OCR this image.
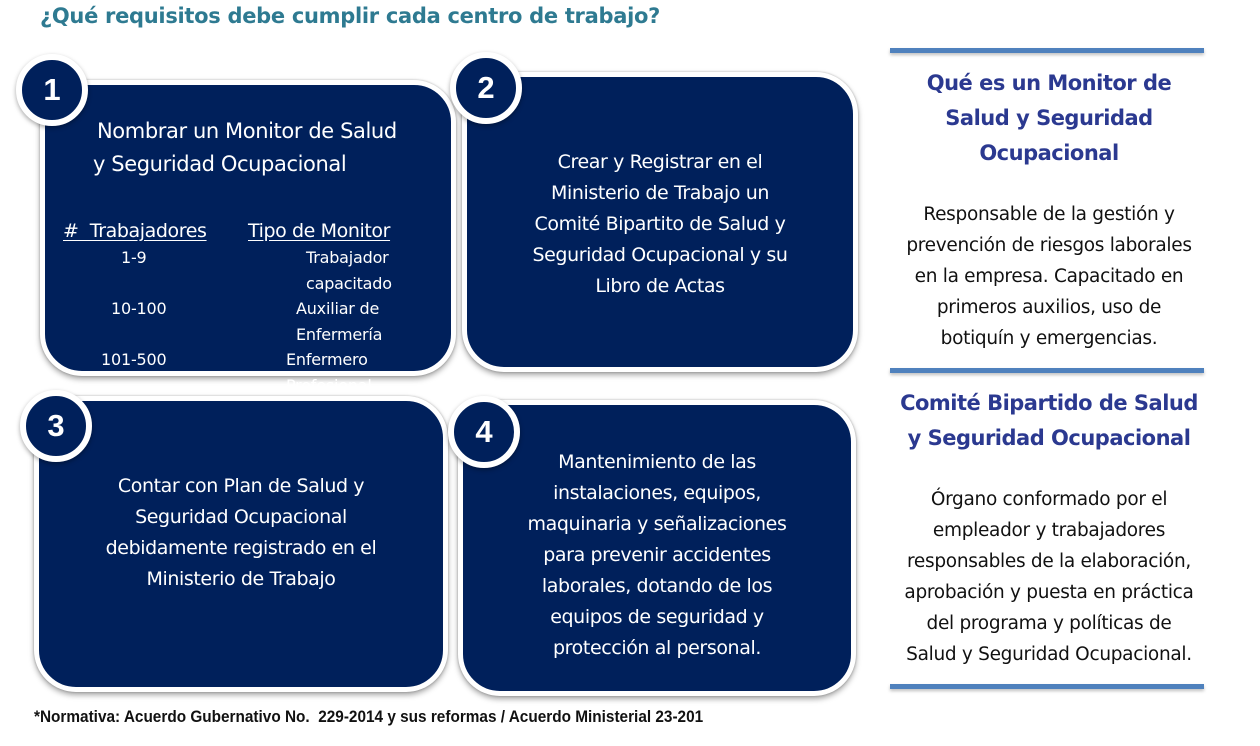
¿Qué requisitos debe cumplir cada centro de trabajo?
Nombrar un Monitor de Salud
y Seguridad Ocupacional
#  Trabajadores	Tipo de Monitor
1-9	Trabajador capacitado
10-100	Auxiliar de Enfermería
101-500	Enfermero Profesional
1
Crear y Registrar en el
Ministerio de Trabajo un
Comité Bipartito de Salud y
Seguridad Ocupacional y su
Libro de Actas
2
Contar con Plan de Salud y
Seguridad Ocupacional
debidamente registrado en el
Ministerio de Trabajo
3
Mantenimiento de las
instalaciones, equipos,
maquinaria y señalizaciones
para prevenir accidentes
laborales, dotando de los
equipos de seguridad y
protección al personal.
4
Qué es un Monitor de
Salud y Seguridad
Ocupacional
Responsable de la gestión y
prevención de riesgos laborales
en la empresa. Capacitado en
primeros auxilios, uso de
botiquín y emergencias.
Comité Bipartido de Salud
y Seguridad Ocupacional
Órgano conformado por el
empleador y trabajadores
responsables de la elaboración,
aprobación y puesta en práctica
del programa y políticas de
Salud y Seguridad Ocupacional.
*Normativa: Acuerdo Gubernativo No.  229-2014 y sus reformas / Acuerdo Ministerial 23-201
